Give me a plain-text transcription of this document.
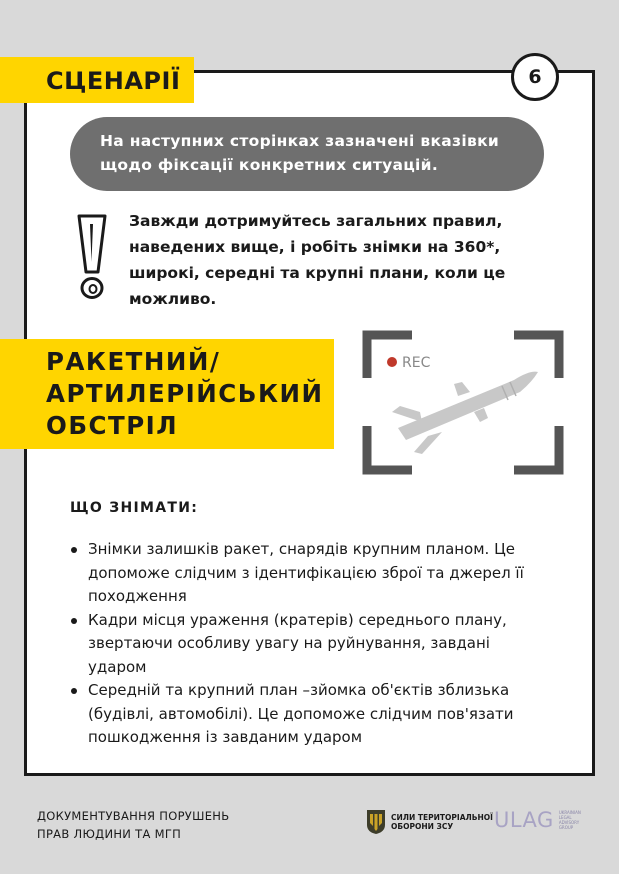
СЦЕНАРІЇ	6
На наступних сторінках зазначені вказівки
щодо фіксації конкретних ситуацій.
Завжди дотримуйтесь загальних правил,
наведених вище, і робіть знімки на 360*,
широкі, середні та крупні плани, коли це
можливо.
РАКЕТНИЙ/
АРТИЛЕРІЙСЬКИЙ
ОБСТРІЛ
REC
ЩО ЗНІМАТИ:
Знімки залишків ракет, снарядів крупним планом. Це
допоможе слідчим з ідентифікацією зброї та джерел її
походження
Кадри місця ураження (кратерів) середнього плану,
звертаючи особливу увагу на руйнування, завдані
ударом
Середній та крупний план –зйомка об'єктів зблизька
(будівлі, автомобілі). Це допоможе слідчим пов'язати
пошкодження із завданим ударом
ДОКУМЕНТУВАННЯ ПОРУШЕНЬ
ПРАВ ЛЮДИНИ ТА МГП
СИЛИ ТЕРИТОРІАЛЬНОЇ
ОБОРОНИ ЗСУ	ULAG UKRAINIAN
LEGAL
ADVISORY
GROUP
